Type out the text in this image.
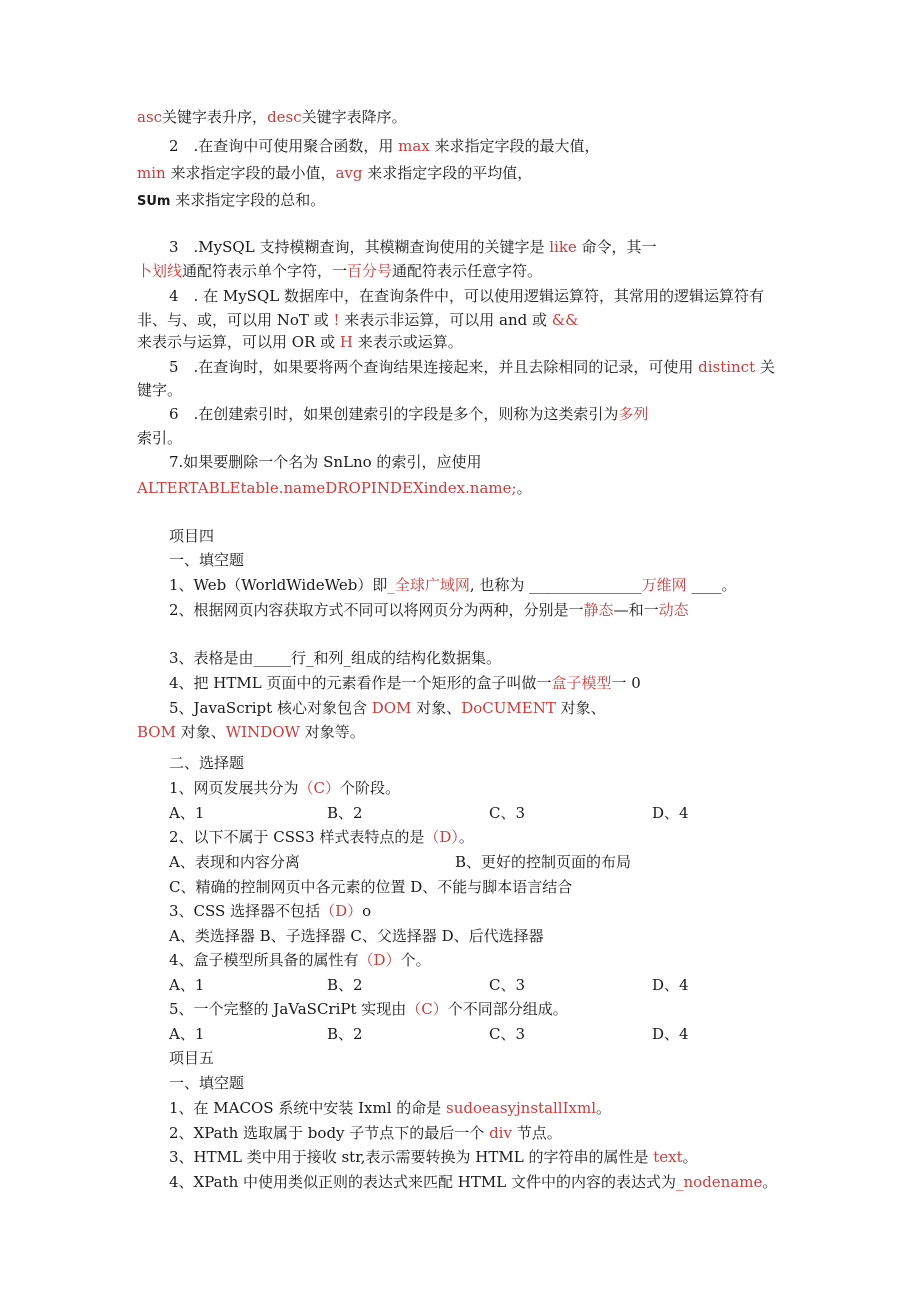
asc关键字表升序，desc关键字表降序。
2　.在查询中可使用聚合函数，用 max 来求指定字段的最大值，
min 来求指定字段的最小值，avg 来求指定字段的平均值，
SUm 来求指定字段的总和。
3　.MySQL 支持模糊查询，其模糊查询使用的关键字是 like 命令，其一
卜划线通配符表示单个字符，一百分号通配符表示任意字符。
4　. 在 MySQL 数据库中，在查询条件中，可以使用逻辑运算符，其常用的逻辑运算符有
非、与、或，可以用 NoT 或 ! 来表示非运算，可以用 and 或 &&
来表示与运算，可以用 OR 或 H 来表示或运算。
5　.在查询时，如果要将两个查询结果连接起来，并且去除相同的记录，可使用 distinct 关
键字。
6　.在创建索引时，如果创建索引的字段是多个，则称为这类索引为多列
索引。
7.如果要删除一个名为 SnLno 的索引，应使用
ALTERTABLEtable.nameDROPINDEXindex.name;。
项目四
一、填空题
1、Web（WorldWideWeb）即_全球广域网, 也称为 _______________万维网 ____。
2、根据网页内容获取方式不同可以将网页分为两种，分别是一静态—和一动态
3、表格是由_____行_和列_组成的结构化数据集。
4、把 HTML 页面中的元素看作是一个矩形的盒子叫做一盒子模型一 0
5、JavaScript 核心对象包含 DOM 对象、DoCUMENT 对象、
BOM 对象、WINDOW 对象等。
二、选择题
1、网页发展共分为（C）个阶段。
A、1	B、2	C、3	D、4
2、以下不属于 CSS3 样式表特点的是（D）。
A、表现和内容分离	B、更好的控制页面的布局
C、精确的控制网页中各元素的位置 D、不能与脚本语言结合
3、CSS 选择器不包括（D）o
A、类选择器 B、子选择器 C、父选择器 D、后代选择器
4、盒子模型所具备的属性有（D）个。
A、1	B、2	C、3	D、4
5、一个完整的 JaVaSCriPt 实现由（C）个不同部分组成。
A、1	B、2	C、3	D、4
项目五
一、填空题
1、在 MACOS 系统中安装 Ixml 的命是 sudoeasyjnstallIxml。
2、XPath 选取属于 body 子节点下的最后一个 div 节点。
3、HTML 类中用于接收 str,表示需要转换为 HTML 的字符串的属性是 text。
4、XPath 中使用类似正则的表达式来匹配 HTML 文件中的内容的表达式为_nodename。
